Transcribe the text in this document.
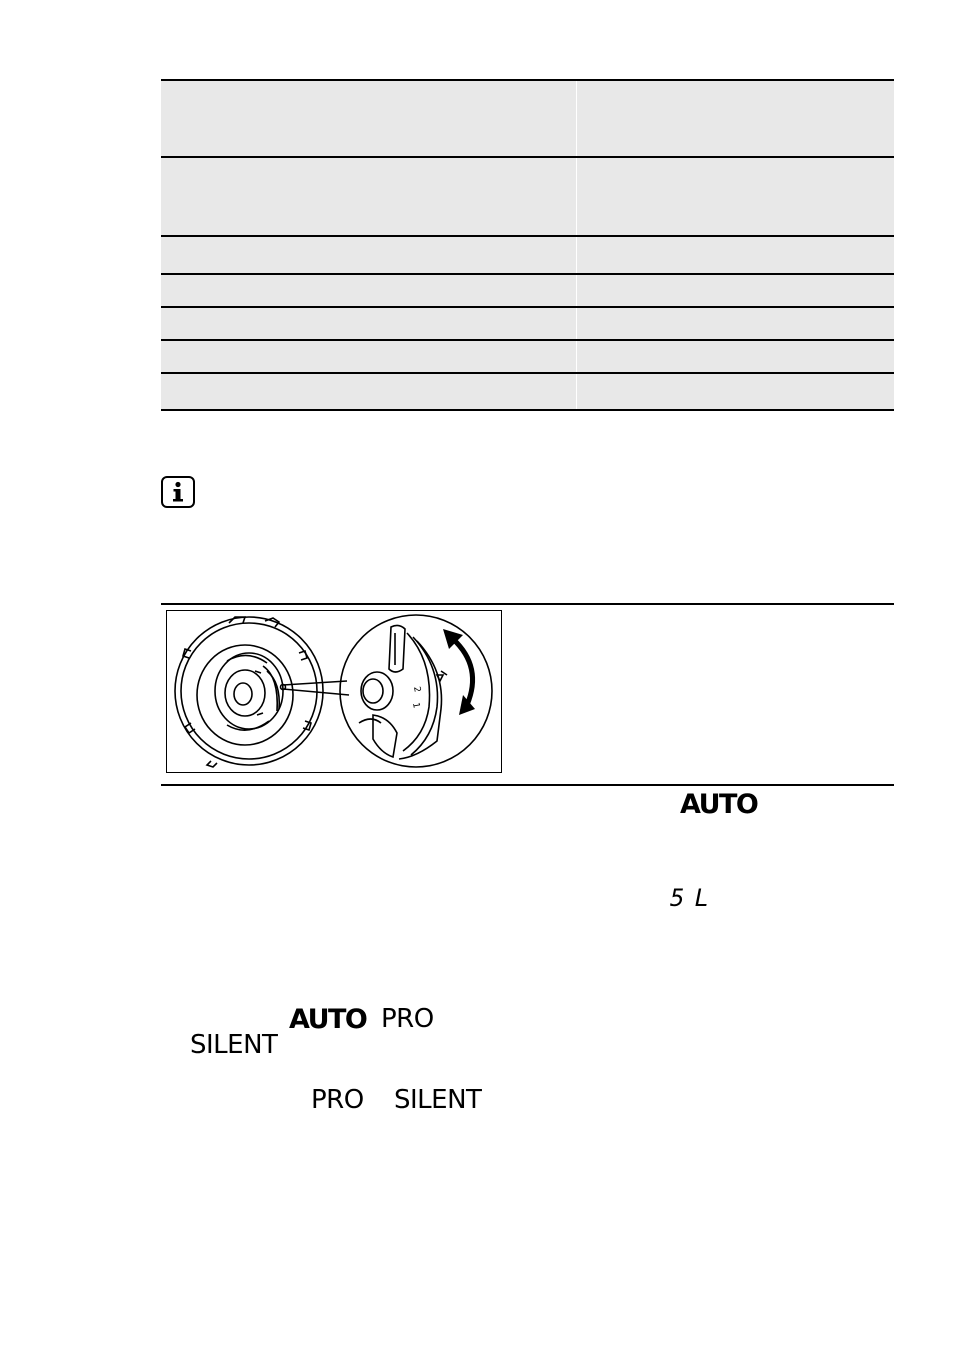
2
1
AUTO
5L
AUTO PRO
SILENT
PRO SILENT
